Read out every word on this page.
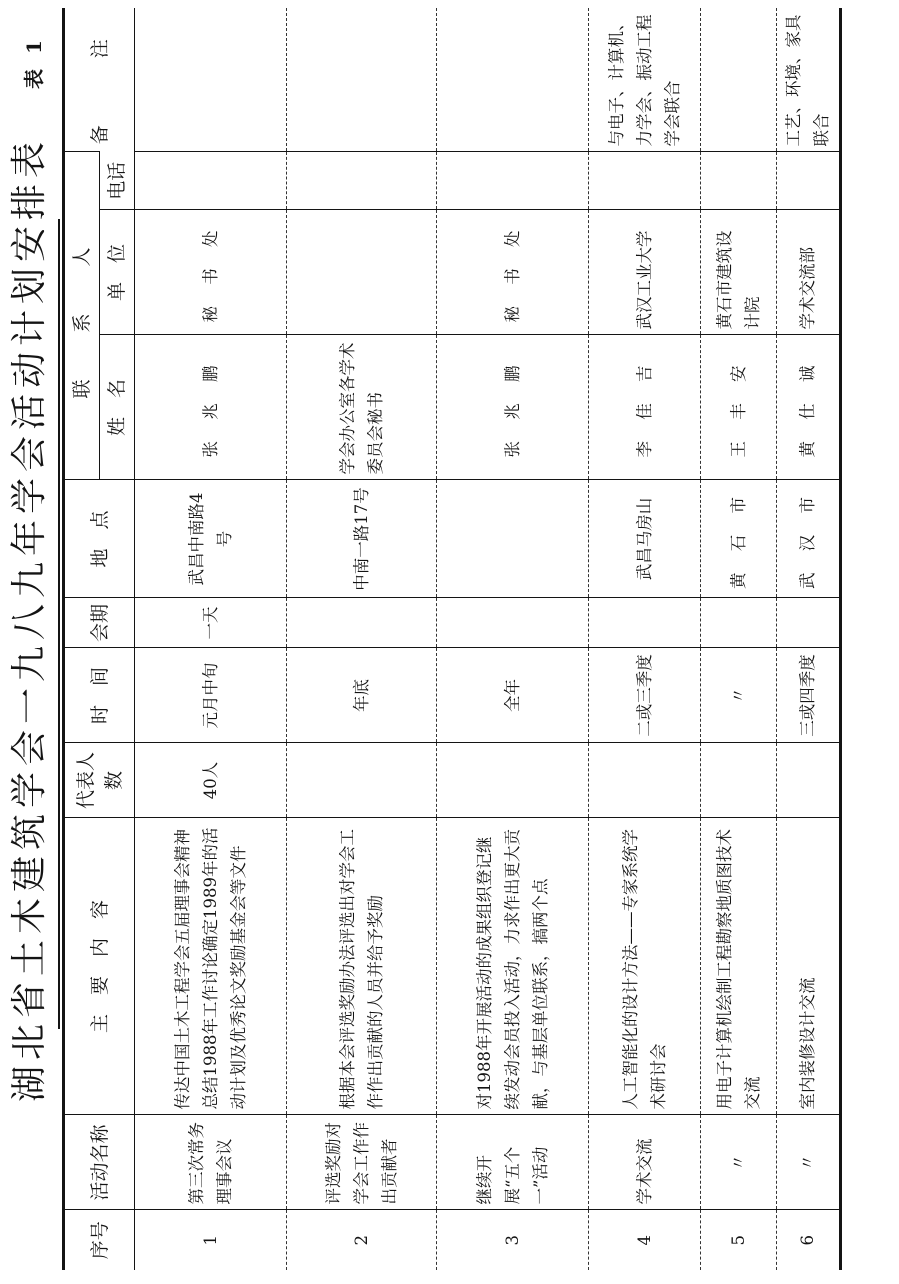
湖北省土木建筑学会一九八九年学会活动计划安排表
表 1
序号	活动名称	主　要　内　容	代表人数	时　间	会期	地　点	联　系　人			备　注
							姓　名	单　位	电话	
1	第三次常务理事会议	传达中国土木工程学会五届理事会精神总结1988年工作讨论确定1989年的活动计划及优秀论文奖励基金会等文件	40人	元月中旬	一天	武昌中南路4号	张 兆 鹏	秘 书 处		
2	评选奖励对学会工作作出贡献者	根据本会评选奖励办法评选出对学会工作作出贡献的人员并给予奖励		年底		中南一路17号	学会办公室各学术委员会秘书			
3	继续开展“五个一”活动	对1988年开展活动的成果组织登记继续发动会员投入活动，力求作出更大贡献，与基层单位联系，搞两个点		全年			张 兆 鹏	秘 书 处		
4	学术交流	人工智能化的设计方法——专家系统学术研讨会		二或三季度		武昌马房山	李 佳 吉	武汉工业大学		与电子、计算机、力学会、振动工程学会联合
5	〃	用电子计算机绘制工程勘察地质图技术交流		〃		黄 石 市	王 丰 安	黄石市建筑设计院		
6	〃	室内装修设计交流		三或四季度		武 汉 市	黄 仕 诚	学术交流部		工艺、环境、家具联合
